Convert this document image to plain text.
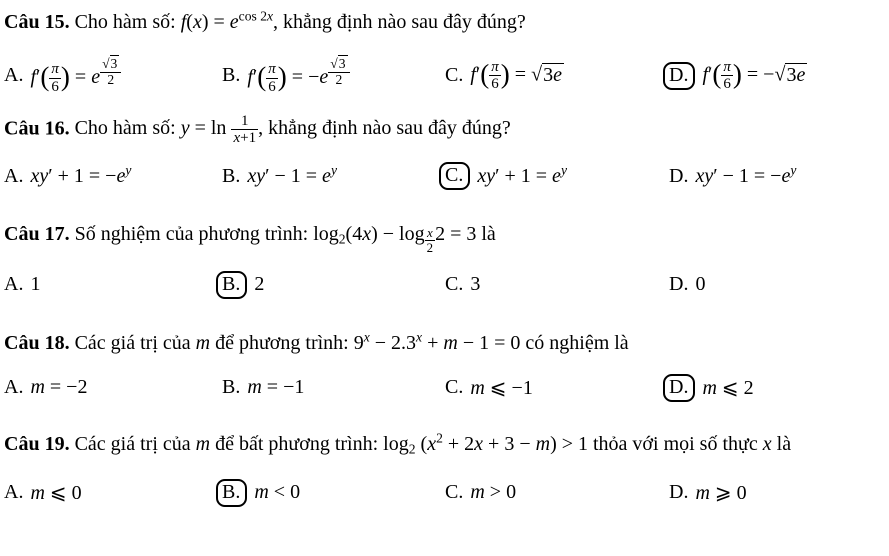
Câu 15. Cho hàm số: $f(x) = e^{cos 2x}$, khẳng định nào sau đây đúng?

A. $f'( \frac{\pi}{6}$ ) = e $^{\frac{√3}{2}}$	B. $f'( \frac{\pi}{6}$ ) = −e $^{\frac{√3}{2}}$	C. $f'( \frac{\pi}{6}$ ) = √3e	D. $f'( \frac{\pi}{6}$ ) = −√3e

Câu 16. Cho hàm số: $y = \ln \frac{1}{x+1}$ , khẳng định nào sau đây đúng?

A. $xy' + 1 = -e^y$	B. $xy' - 1 = e^y$	C. $xy' + 1 = e^y$	D. $xy' - 1 = -e^y$

Câu 17. Số nghiệm của phương trình: $\log_2(4x) - \log _{\frac{x}{2}}$ 2 = 3 là

A. 1	B. 2	C. 3	D. 0

Câu 18. Các giá trị của m để phương trình: $9^x - 2.3^x + m - 1 = 0$ có nghiệm là

A. m = −2	B. m = −1	C. m ⩽ −1	D. m ⩽ 2

Câu 19. Các giá trị của m để bất phương trình: $\log_2 (x^2 + 2x + 3 - m) > 1$ thỏa với mọi số thực x là

A. m ⩽ 0	B. m < 0	C. m > 0	D. m ⩾ 0
